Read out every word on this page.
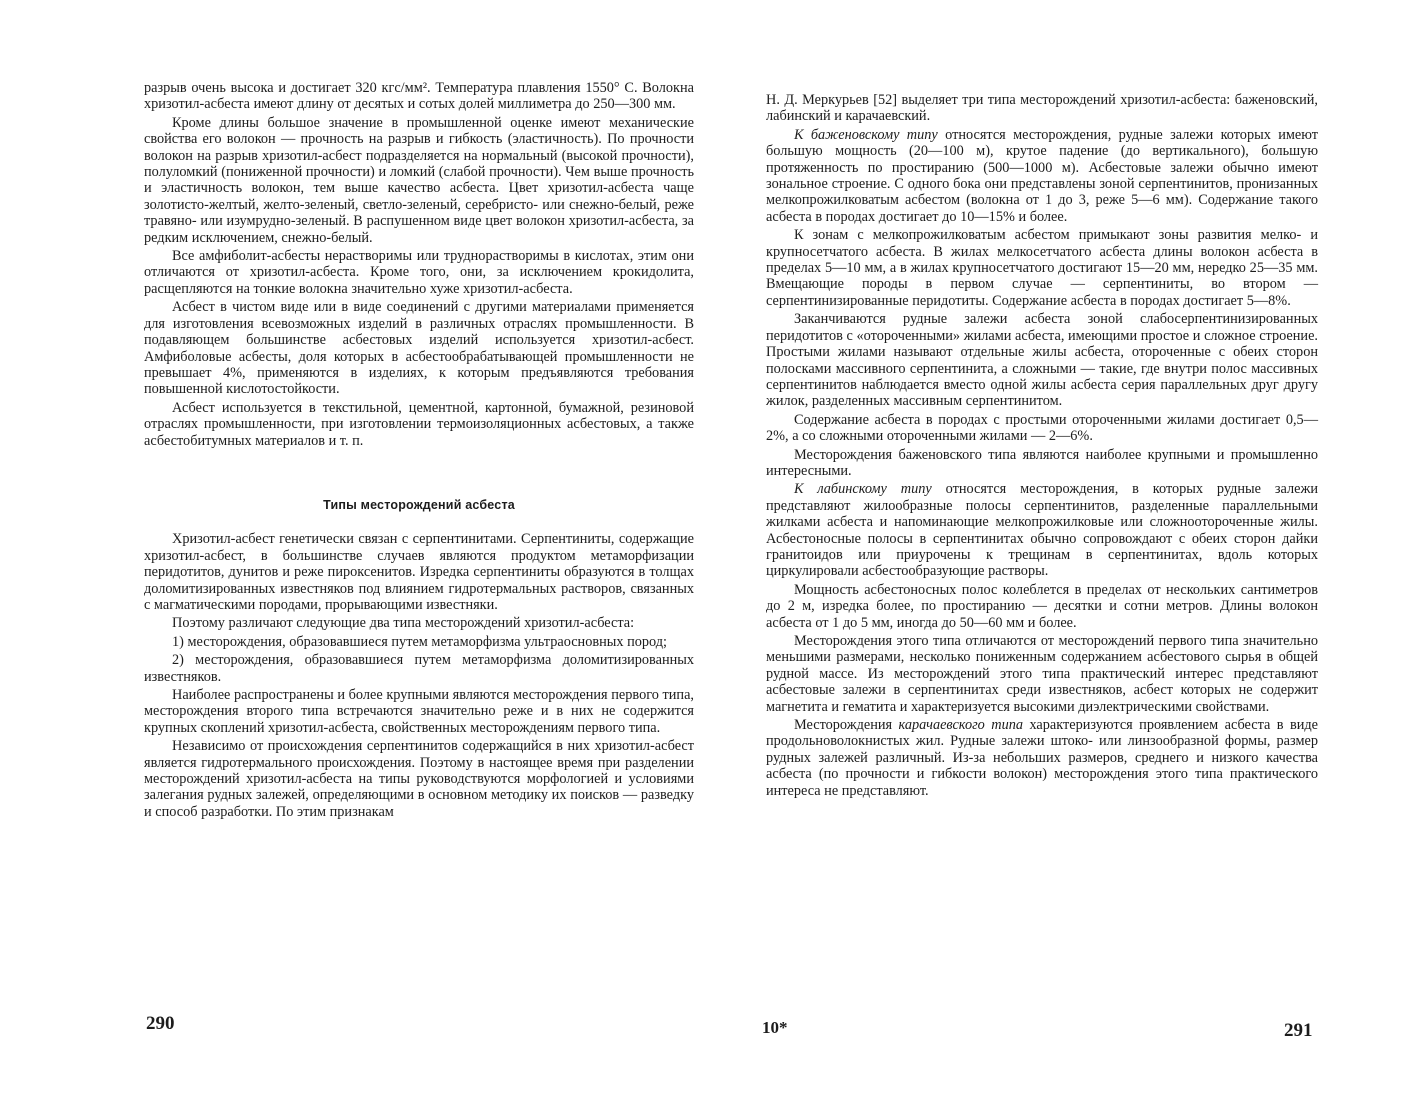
разрыв очень высока и достигает 320 кгс/мм². Температура плавления 1550° С. Волокна хризотил-асбеста имеют длину от десятых и сотых долей миллиметра до 250—300 мм.

Кроме длины большое значение в промышленной оценке имеют механические свойства его волокон — прочность на разрыв и гибкость (эластичность). По прочности волокон на разрыв хризотил-асбест подразделяется на нормальный (высокой прочности), полуломкий (пониженной прочности) и ломкий (слабой прочности). Чем выше прочность и эластичность волокон, тем выше качество асбеста. Цвет хризотил-асбеста чаще золотисто-желтый, желто-зеленый, светло-зеленый, серебристо- или снежно-белый, реже травяно- или изумрудно-зеленый. В распушенном виде цвет волокон хризотил-асбеста, за редким исключением, снежно-белый.

Все амфиболит-асбесты нерастворимы или труднорастворимы в кислотах, этим они отличаются от хризотил-асбеста. Кроме того, они, за исключением крокидолита, расщепляются на тонкие волокна значительно хуже хризотил-асбеста.

Асбест в чистом виде или в виде соединений с другими материалами применяется для изготовления всевозможных изделий в различных отраслях промышленности. В подавляющем большинстве асбестовых изделий используется хризотил-асбест. Амфиболовые асбесты, доля которых в асбестообрабатывающей промышленности не превышает 4%, применяются в изделиях, к которым предъявляются требования повышенной кислотостойкости.

Асбест используется в текстильной, цементной, картонной, бумажной, резиновой отраслях промышленности, при изготовлении термоизоляционных асбестовых, а также асбестобитумных материалов и т. п.

Типы месторождений асбеста

Хризотил-асбест генетически связан с серпентинитами. Серпентиниты, содержащие хризотил-асбест, в большинстве случаев являются продуктом метаморфизации перидотитов, дунитов и реже пироксенитов. Изредка серпентиниты образуются в толщах доломитизированных известняков под влиянием гидротермальных растворов, связанных с магматическими породами, прорывающими известняки.

Поэтому различают следующие два типа месторождений хризотил-асбеста:

1) месторождения, образовавшиеся путем метаморфизма ультраосновных пород;

2) месторождения, образовавшиеся путем метаморфизма доломитизированных известняков.

Наиболее распространены и более крупными являются месторождения первого типа, месторождения второго типа встречаются значительно реже и в них не содержится крупных скоплений хризотил-асбеста, свойственных месторождениям первого типа.

Независимо от происхождения серпентинитов содержащийся в них хризотил-асбест является гидротермального происхождения. Поэтому в настоящее время при разделении месторождений хризотил-асбеста на типы руководствуются морфологией и условиями залегания рудных залежей, определяющими в основном методику их поисков — разведку и способ разработки. По этим признакам

290

Н. Д. Меркурьев [52] выделяет три типа месторождений хризотил-асбеста: баженовский, лабинский и карачаевский.

К баженовскому типу относятся месторождения, рудные залежи которых имеют большую мощность (20—100 м), крутое падение (до вертикального), большую протяженность по простиранию (500—1000 м). Асбестовые залежи обычно имеют зональное строение. С одного бока они представлены зоной серпентинитов, пронизанных мелкопрожилковатым асбестом (волокна от 1 до 3, реже 5—6 мм). Содержание такого асбеста в породах достигает до 10—15% и более.

К зонам с мелкопрожилковатым асбестом примыкают зоны развития мелко- и крупносетчатого асбеста. В жилах мелкосетчатого асбеста длины волокон асбеста в пределах 5—10 мм, а в жилах крупносетчатого достигают 15—20 мм, нередко 25—35 мм. Вмещающие породы в первом случае — серпентиниты, во втором — серпентинизированные перидотиты. Содержание асбеста в породах достигает 5—8%.

Заканчиваются рудные залежи асбеста зоной слабосерпентинизированных перидотитов с «оторочeнными» жилами асбеста, имеющими простое и сложное строение. Простыми жилами называют отдельные жилы асбеста, оторочeнные с обеих сторон полосками массивного серпентинита, а сложными — такие, где внутри полос массивных серпентинитов наблюдается вместо одной жилы асбеста серия параллельных друг другу жилок, разделенных массивным серпентинитом.

Содержание асбеста в породах с простыми оторочeнными жилами достигает 0,5—2%, а со сложными оторочeнными жилами — 2—6%.

Месторождения баженовского типа являются наиболее крупными и промышленно интересными.

К лабинскому типу относятся месторождения, в которых рудные залежи представляют жилообразные полосы серпентинитов, разделенные параллельными жилками асбеста и напоминающие мелкопрожилковые или сложнооторочeнные жилы. Асбестоносные полосы в серпентинитах обычно сопровождают с обеих сторон дайки гранитоидов или приурочены к трещинам в серпентинитах, вдоль которых циркулировали асбестообразующие растворы.

Мощность асбестоносных полос колеблется в пределах от нескольких сантиметров до 2 м, изредка более, по простиранию — десятки и сотни метров. Длины волокон асбеста от 1 до 5 мм, иногда до 50—60 мм и более.

Месторождения этого типа отличаются от месторождений первого типа значительно меньшими размерами, несколько пониженным содержанием асбестового сырья в общей рудной массе. Из месторождений этого типа практический интерес представляют асбестовые залежи в серпентинитах среди известняков, асбест которых не содержит магнетита и гематита и характеризуется высокими диэлектрическими свойствами.

Месторождения карачаевского типа характеризуются проявлением асбеста в виде продольноволокнистых жил. Рудные залежи штоко- или линзообразной формы, размер рудных залежей различный. Из-за небольших размеров, среднего и низкого качества асбеста (по прочности и гибкости волокон) месторождения этого типа практического интереса не представляют.

10*	291
